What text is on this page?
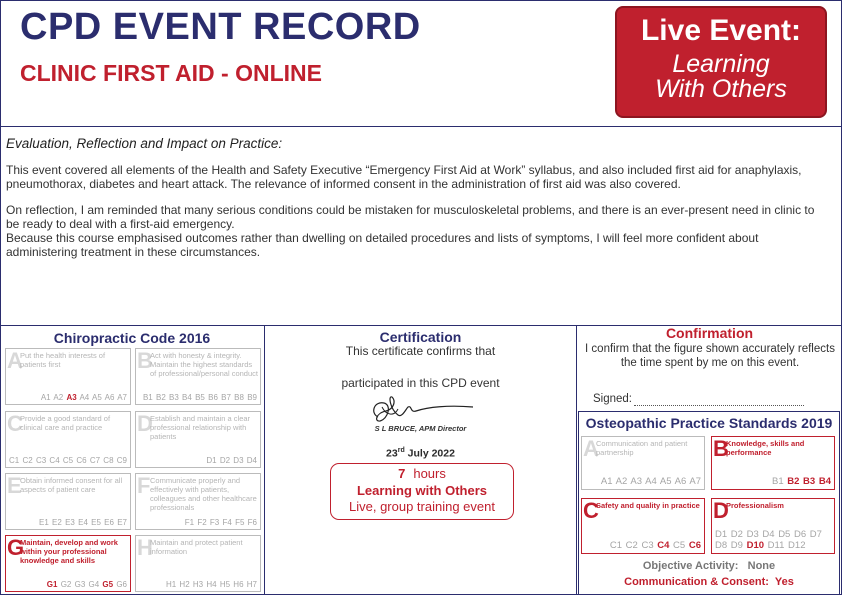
CPD EVENT RECORD
CLINIC FIRST AID - ONLINE
Live Event:
Learning
With Others
Evaluation, Reflection and Impact on Practice:

This event covered all elements of the Health and Safety Executive “Emergency First Aid at Work” syllabus, and also included first aid for anaphylaxis, pneumothorax, diabetes and heart attack. The relevance of informed consent in the administration of first aid was also covered.

On reflection, I am reminded that many serious conditions could be mistaken for musculoskeletal problems, and there is an ever-present need in clinic to be ready to deal with a first-aid emergency.

Because this course emphasised outcomes rather than dwelling on detailed procedures and lists of symptoms, I will feel more confident about administering treatment in these circumstances.

Chiropractic Code 2016
A
Put the health interests of patients first
A1 A2 A3 A4 A5 A6 A7
B
Act with honesty & integrity. Maintain the highest standards of professional/personal conduct
B1 B2 B3 B4 B5 B6 B7 B8 B9
C
Provide a good standard of clinical care and practice
C1 C2 C3 C4 C5 C6 C7 C8 C9
D
Establish and maintain a clear professional relationship with patients
D1 D2 D3 D4
E
Obtain informed consent for all aspects of patient care
E1 E2 E3 E4 E5 E6 E7
F Communicate properly and effectively with patients, colleagues and other healthcare professionals
F1 F2 F3 F4 F5 F6
G
Maintain, develop and work within your professional knowledge and skills
G1 G2 G3 G4 G5 G6
H
Maintain and protect patient information
H1 H2 H3 H4 H5 H6 H7
Certification
This certificate confirms that
participated in this CPD event
S L BRUCE, APM Director
23rd July 2022
7 hours
Learning with Others
Live, group training event
Confirmation
I confirm that the figure shown accurately reflects the time spent by me on this event.
Signed:
Osteopathic Practice Standards 2019
A
Communication and patient partnership
A1 A2 A3 A4 A5 A6 A7
B
Knowledge, skills and performance
B1 B2 B3 B4
C
Safety and quality in practice
C1 C2 C3 C4 C5 C6
D
Professionalism
D1 D2 D3 D4 D5 D6 D7 D8 D9 D10 D11 D12
Objective Activity: None
Communication & Consent: Yes
